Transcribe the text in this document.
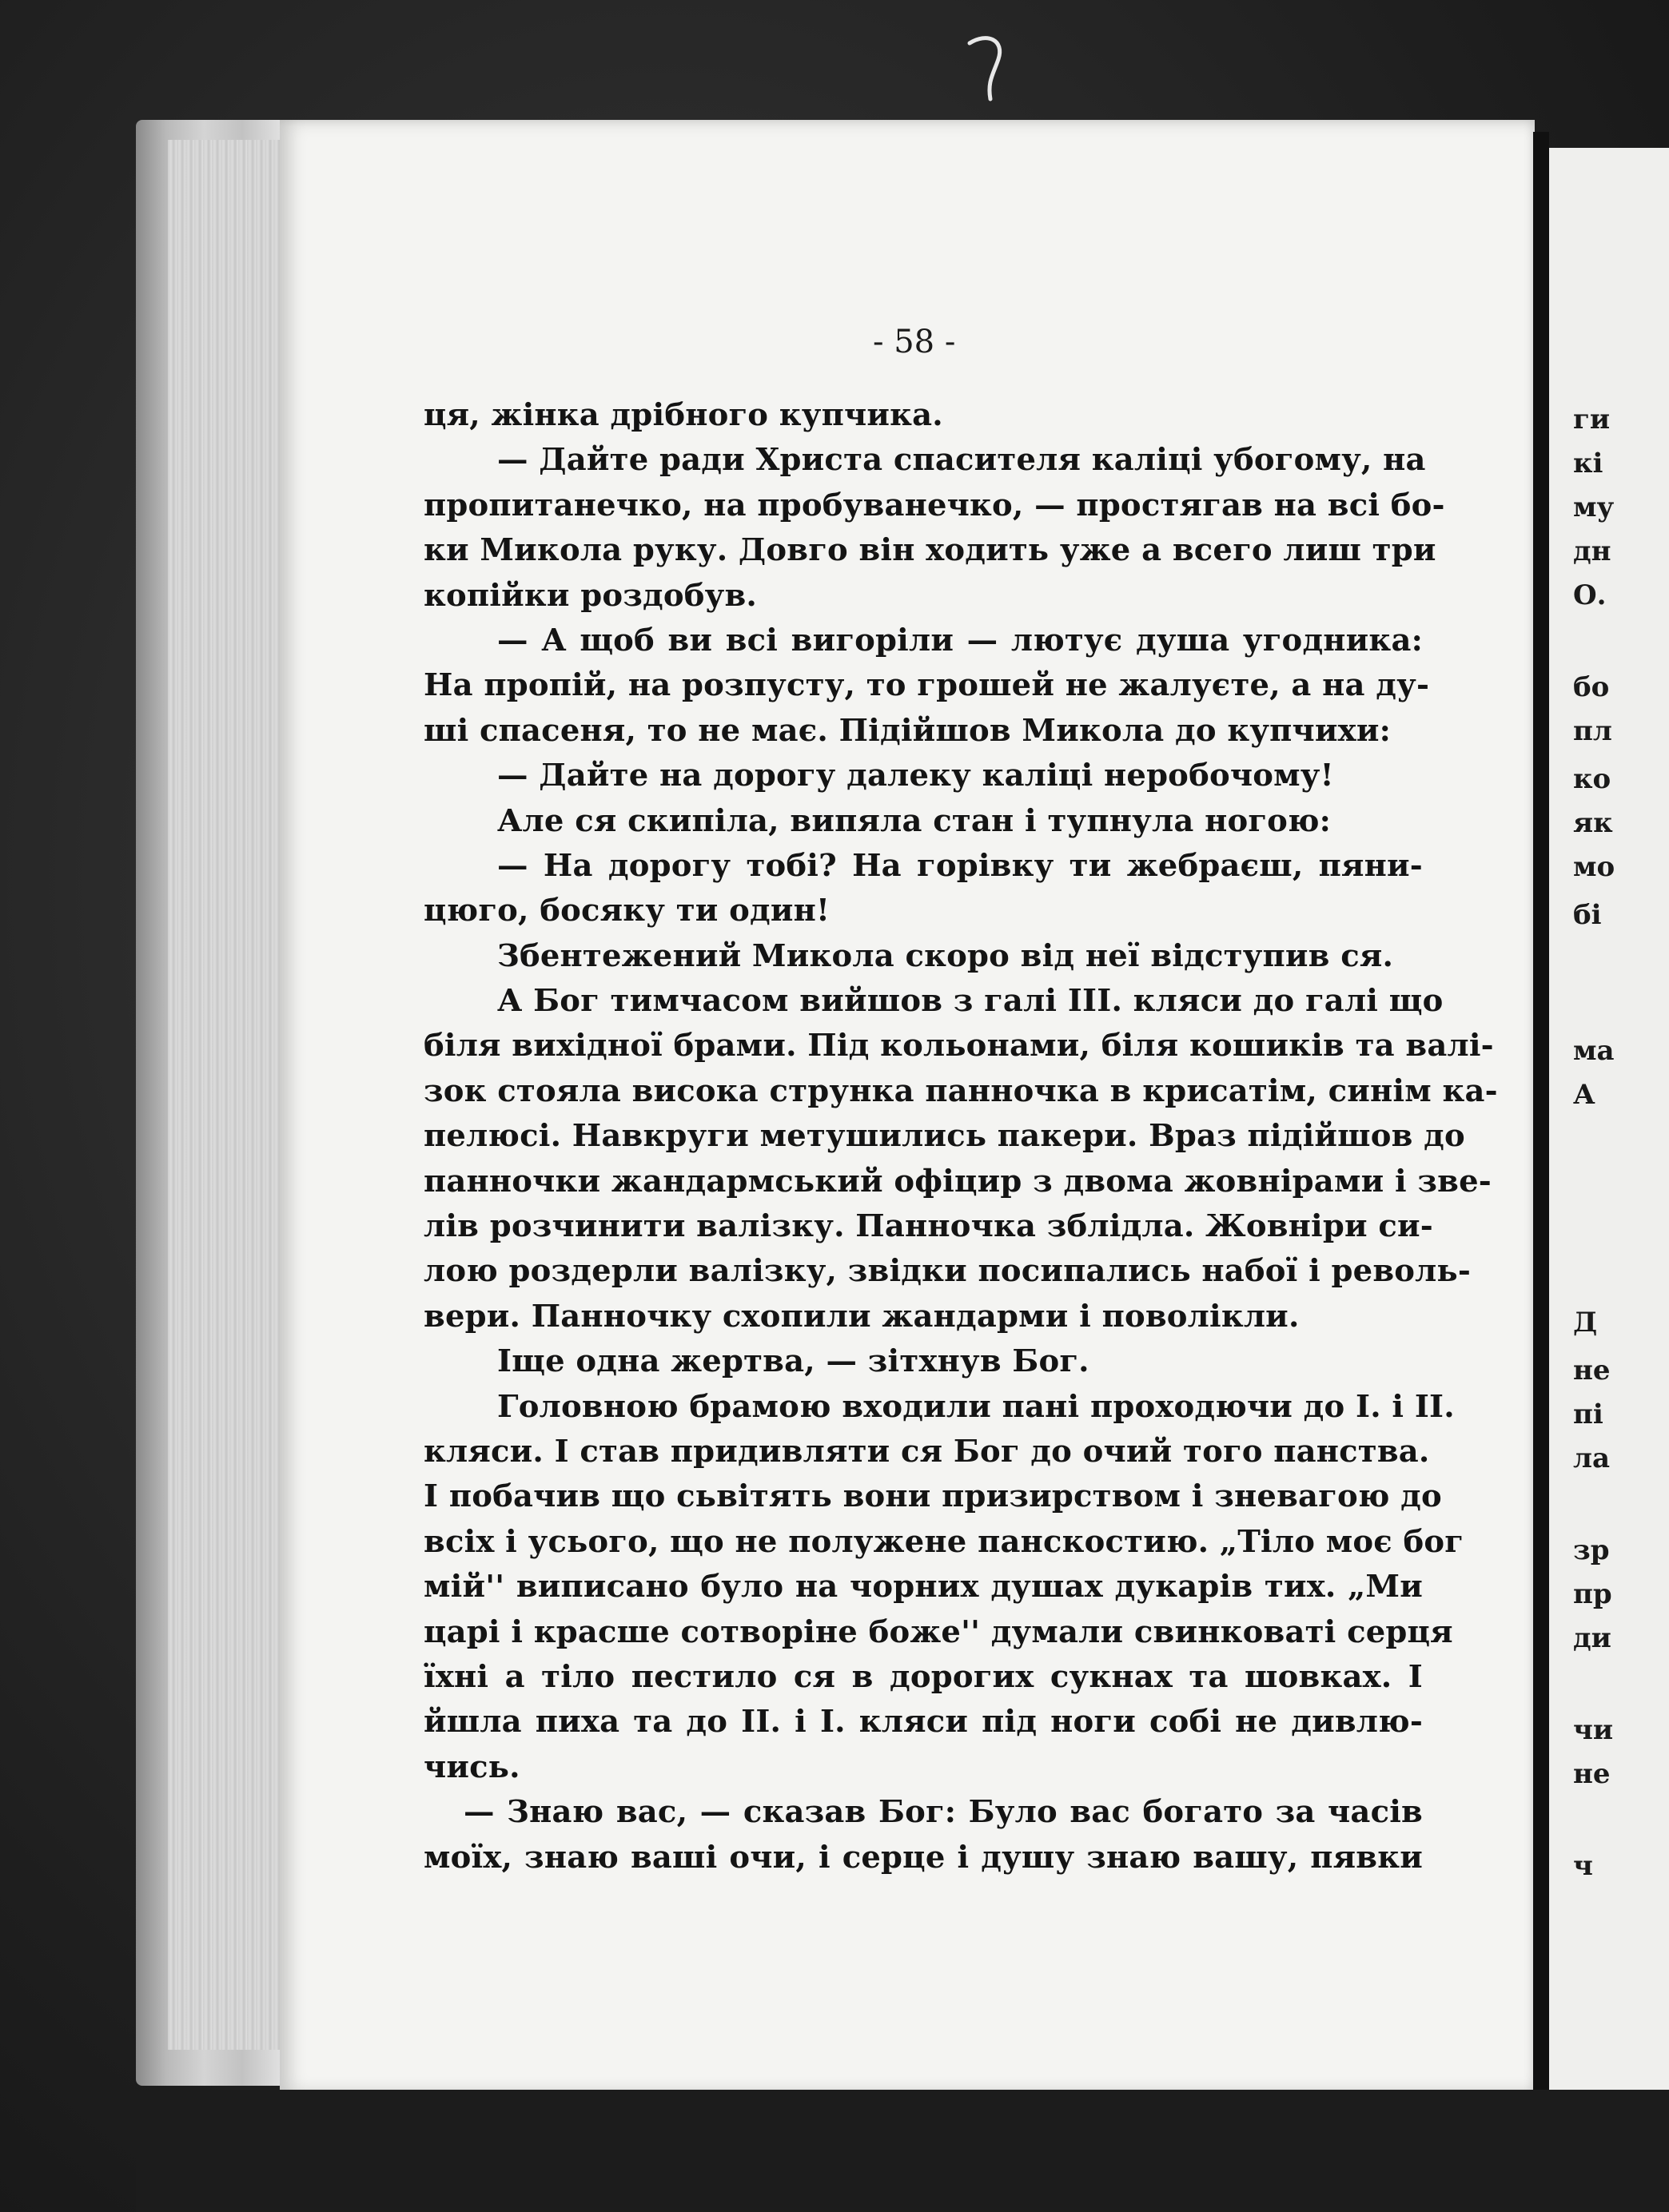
ги
кі
му
дн
О.
бо
пл
ко
як
мо
бі
ма
А
Д
не
пі
ла
зр
пр
ди
чи
не
ч
- 58 -
ця, жінка дрібного купчика.
— Дайте ради Христа спасителя каліці убогому, на
пропитанечко, на пробуванечко, — простягав на всі бо-
ки Микола руку. Довго він ходить уже а всего лиш три
копійки роздобув.
— А щоб ви всі вигоріли — лютує душа угодника:
На пропій, на розпусту, то грошей не жалуєте, а на ду-
ші спасеня, то не має. Підійшов Микола до купчихи:
— Дайте на дорогу далеку каліці неробочому!
Але ся скипіла, випяла стан і тупнула ногою:
— На дорогу тобі? На горівку ти жебраєш, пяни-
цюго, босяку ти один!
Збентежений Микола скоро від неї відступив ся.
А Бог тимчасом вийшов з галі III. кляси до галі що
біля вихідної брами. Під кольонами, біля кошиків та валі-
зок стояла висока струнка панночка в крисатім, синім ка-
пелюсі. Навкруги метушились пакери. Враз підійшов до
панночки жандармський офіцир з двома жовнірами і зве-
лів розчинити валізку. Панночка зблідла. Жовніри си-
лою роздерли валізку, звідки посипались набої і револь-
вери. Панночку схопили жандарми і поволікли.
Іще одна жертва, — зітхнув Бог.
Головною брамою входили пані проходючи до I. і II.
кляси. І став придивляти ся Бог до очий того панства.
І побачив що сьвітять вони призирством і зневагою до
всіх і усього, що не полужене панскостию. „Тіло моє бог
мій'' виписано було на чорних душах дукарів тих. „Ми
царі і красше сотворіне боже'' думали свинковаті серця
їхні а тіло пестило ся в дорогих сукнах та шовках. І
йшла пиха та до II. і I. кляси під ноги собі не дивлю-
чись.
— Знаю вас, — сказав Бог: Було вас богато за часів
моїх, знаю ваші очи, і серце і душу знаю вашу, пявки
